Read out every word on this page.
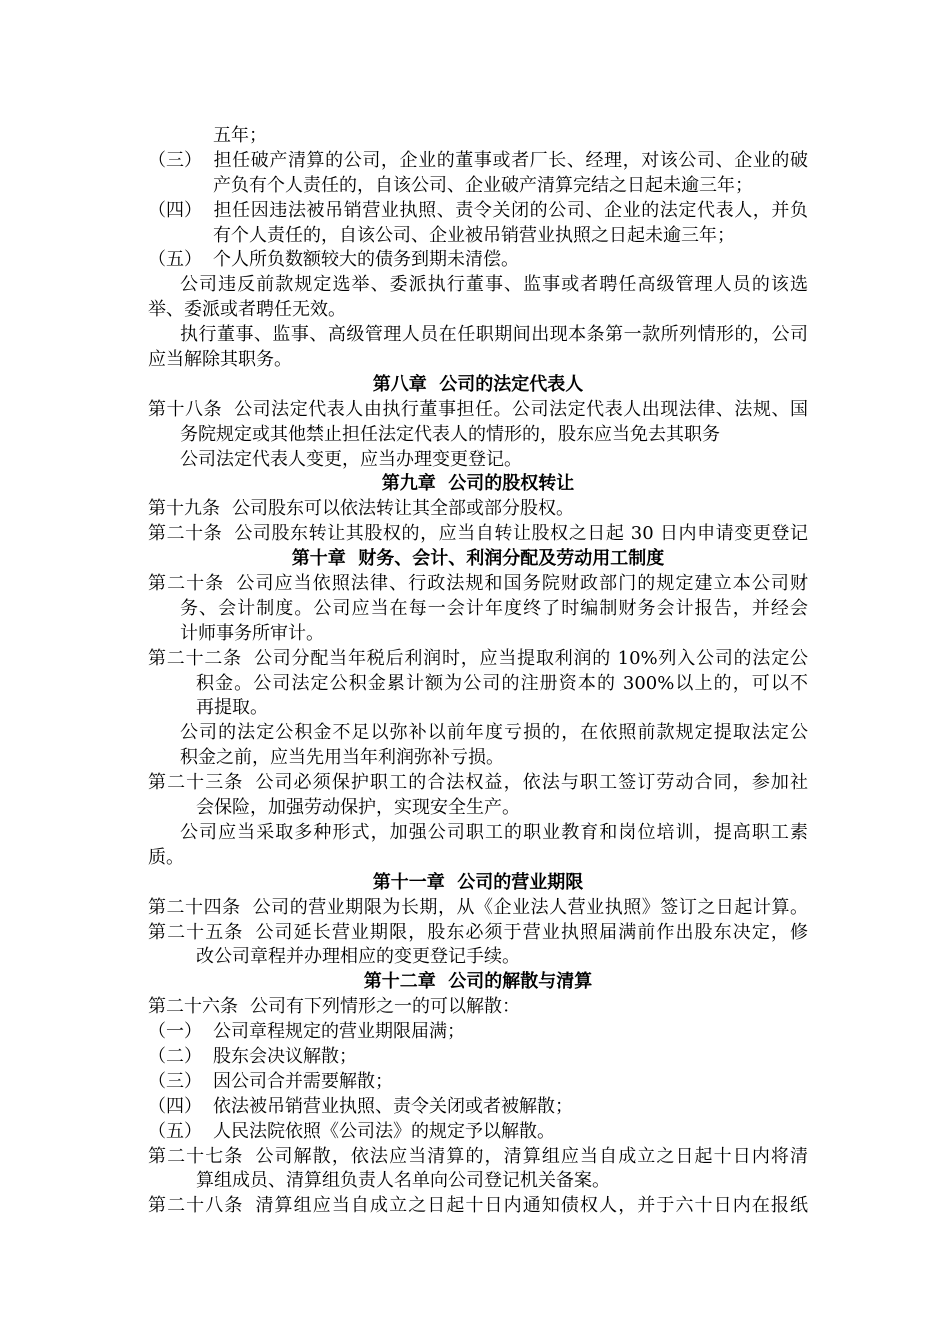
五年；
（三） 担任破产清算的公司，企业的董事或者厂长、经理，对该公司、企业的破
产负有个人责任的，自该公司、企业破产清算完结之日起未逾三年；
（四） 担任因违法被吊销营业执照、责令关闭的公司、企业的法定代表人，并负
有个人责任的，自该公司、企业被吊销营业执照之日起未逾三年；
（五） 个人所负数额较大的债务到期未清偿。
公司违反前款规定选举、委派执行董事、监事或者聘任高级管理人员的该选
举、委派或者聘任无效。
执行董事、监事、高级管理人员在任职期间出现本条第一款所列情形的，公司
应当解除其职务。
第八章  公司的法定代表人
第十八条 公司法定代表人由执行董事担任。公司法定代表人出现法律、法规、国
务院规定或其他禁止担任法定代表人的情形的，股东应当免去其职务
公司法定代表人变更，应当办理变更登记。
第九章  公司的股权转让
第十九条 公司股东可以依法转让其全部或部分股权。
第二十条 公司股东转让其股权的，应当自转让股权之日起 30 日内申请变更登记
第十章  财务、会计、利润分配及劳动用工制度
第二十条 公司应当依照法律、行政法规和国务院财政部门的规定建立本公司财
务、会计制度。公司应当在每一会计年度终了时编制财务会计报告，并经会
计师事务所审计。
第二十二条 公司分配当年税后利润时，应当提取利润的 10%列入公司的法定公
积金。公司法定公积金累计额为公司的注册资本的 300%以上的，可以不
再提取。
公司的法定公积金不足以弥补以前年度亏损的，在依照前款规定提取法定公
积金之前，应当先用当年利润弥补亏损。
第二十三条 公司必须保护职工的合法权益，依法与职工签订劳动合同，参加社
会保险，加强劳动保护，实现安全生产。
公司应当采取多种形式，加强公司职工的职业教育和岗位培训，提高职工素
质。
第十一章  公司的营业期限
第二十四条 公司的营业期限为长期，从《企业法人营业执照》签订之日起计算。
第二十五条 公司延长营业期限，股东必须于营业执照届满前作出股东决定，修
改公司章程并办理相应的变更登记手续。
第十二章  公司的解散与清算
第二十六条 公司有下列情形之一的可以解散：
（一） 公司章程规定的营业期限届满；
（二） 股东会决议解散；
（三） 因公司合并需要解散；
（四） 依法被吊销营业执照、责令关闭或者被解散；
（五） 人民法院依照《公司法》的规定予以解散。
第二十七条 公司解散，依法应当清算的，清算组应当自成立之日起十日内将清
算组成员、清算组负责人名单向公司登记机关备案。
第二十八条 清算组应当自成立之日起十日内通知债权人，并于六十日内在报纸
